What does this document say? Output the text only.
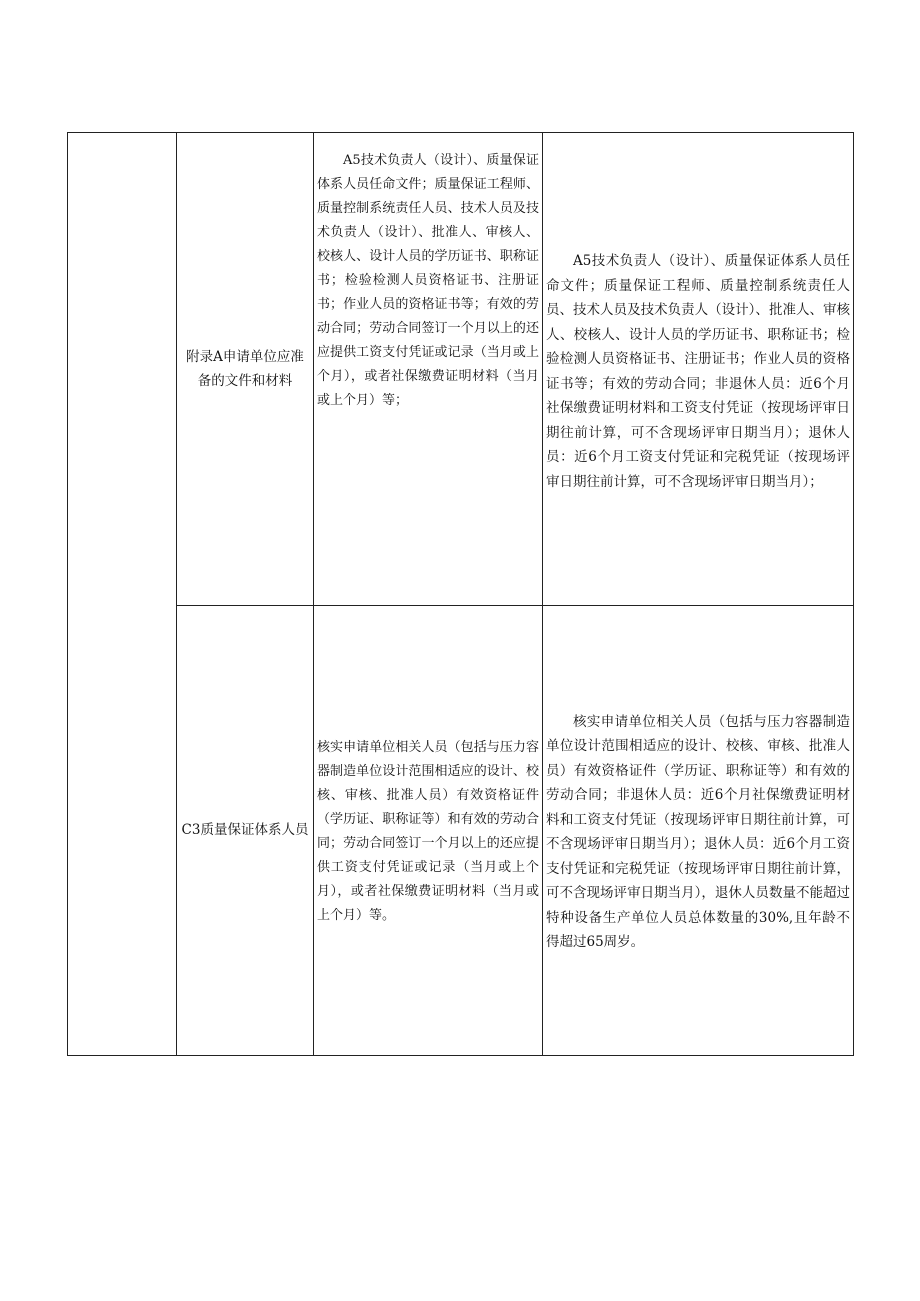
	附录A申请单位应准备的文件和材料	A5技术负责人（设计）、质量保证体系人员任命文件；质量保证工程师、质量控制系统责任人员、技术人员及技术负责人（设计）、批准人、审核人、校核人、设计人员的学历证书、职称证书；检验检测人员资格证书、注册证书；作业人员的资格证书等；有效的劳动合同；劳动合同签订一个月以上的还应提供工资支付凭证或记录（当月或上个月），或者社保缴费证明材料（当月或上个月）等；	A5技术负责人（设计）、质量保证体系人员任命文件；质量保证工程师、质量控制系统责任人员、技术人员及技术负责人（设计）、批准人、审核人、校核人、设计人员的学历证书、职称证书；检验检测人员资格证书、注册证书；作业人员的资格证书等；有效的劳动合同；非退休人员：近6个月社保缴费证明材料和工资支付凭证（按现场评审日期往前计算，可不含现场评审日期当月）；退休人员：近6个月工资支付凭证和完税凭证（按现场评审日期往前计算，可不含现场评审日期当月）；

	C3质量保证体系人员	核实申请单位相关人员（包括与压力容器制造单位设计范围相适应的设计、校核、审核、批准人员）有效资格证件（学历证、职称证等）和有效的劳动合同；劳动合同签订一个月以上的还应提供工资支付凭证或记录（当月或上个月），或者社保缴费证明材料（当月或上个月）等。	核实申请单位相关人员（包括与压力容器制造单位设计范围相适应的设计、校核、审核、批准人员）有效资格证件（学历证、职称证等）和有效的劳动合同；非退休人员：近6个月社保缴费证明材料和工资支付凭证（按现场评审日期往前计算，可不含现场评审日期当月）；退休人员：近6个月工资支付凭证和完税凭证（按现场评审日期往前计算，可不含现场评审日期当月），退休人员数量不能超过特种设备生产单位人员总体数量的30%,且年龄不得超过65周岁。
